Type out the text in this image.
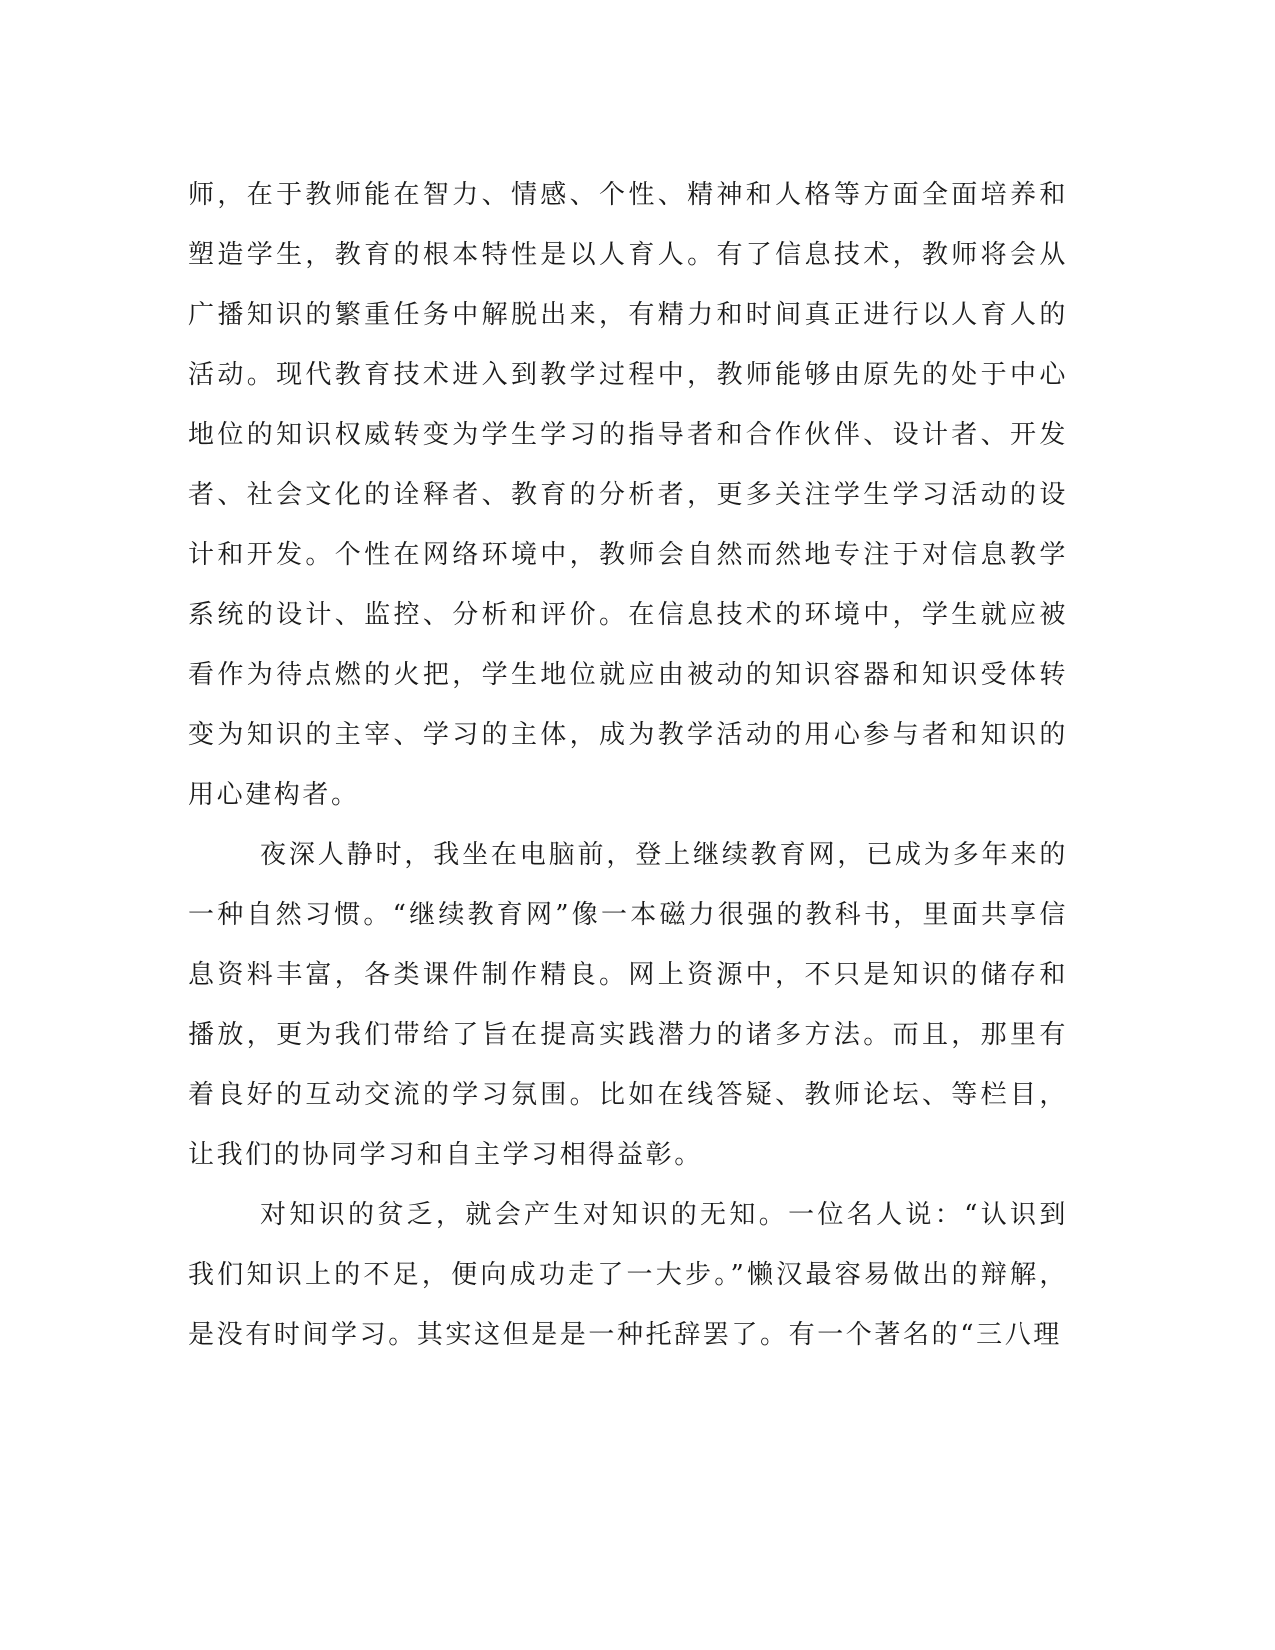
师，在于教师能在智力、情感、个性、精神和人格等方面全面培养和塑造学生，教育的根本特性是以人育人。有了信息技术，教师将会从广播知识的繁重任务中解脱出来，有精力和时间真正进行以人育人的活动。现代教育技术进入到教学过程中，教师能够由原先的处于中心地位的知识权威转变为学生学习的指导者和合作伙伴、设计者、开发者、社会文化的诠释者、教育的分析者，更多关注学生学习活动的设计和开发。个性在网络环境中，教师会自然而然地专注于对信息教学系统的设计、监控、分析和评价。在信息技术的环境中，学生就应被看作为待点燃的火把，学生地位就应由被动的知识容器和知识受体转变为知识的主宰、学习的主体，成为教学活动的用心参与者和知识的用心建构者。

夜深人静时，我坐在电脑前，登上继续教育网，已成为多年来的一种自然习惯。“继续教育网”像一本磁力很强的教科书，里面共享信息资料丰富，各类课件制作精良。网上资源中，不只是知识的储存和播放，更为我们带给了旨在提高实践潜力的诸多方法。而且，那里有着良好的互动交流的学习氛围。比如在线答疑、教师论坛、等栏目，让我们的协同学习和自主学习相得益彰。

对知识的贫乏，就会产生对知识的无知。一位名人说：“认识到我们知识上的不足，便向成功走了一大步。”懒汉最容易做出的辩解，是没有时间学习。其实这但是是一种托辞罢了。有一个著名的“三八理
